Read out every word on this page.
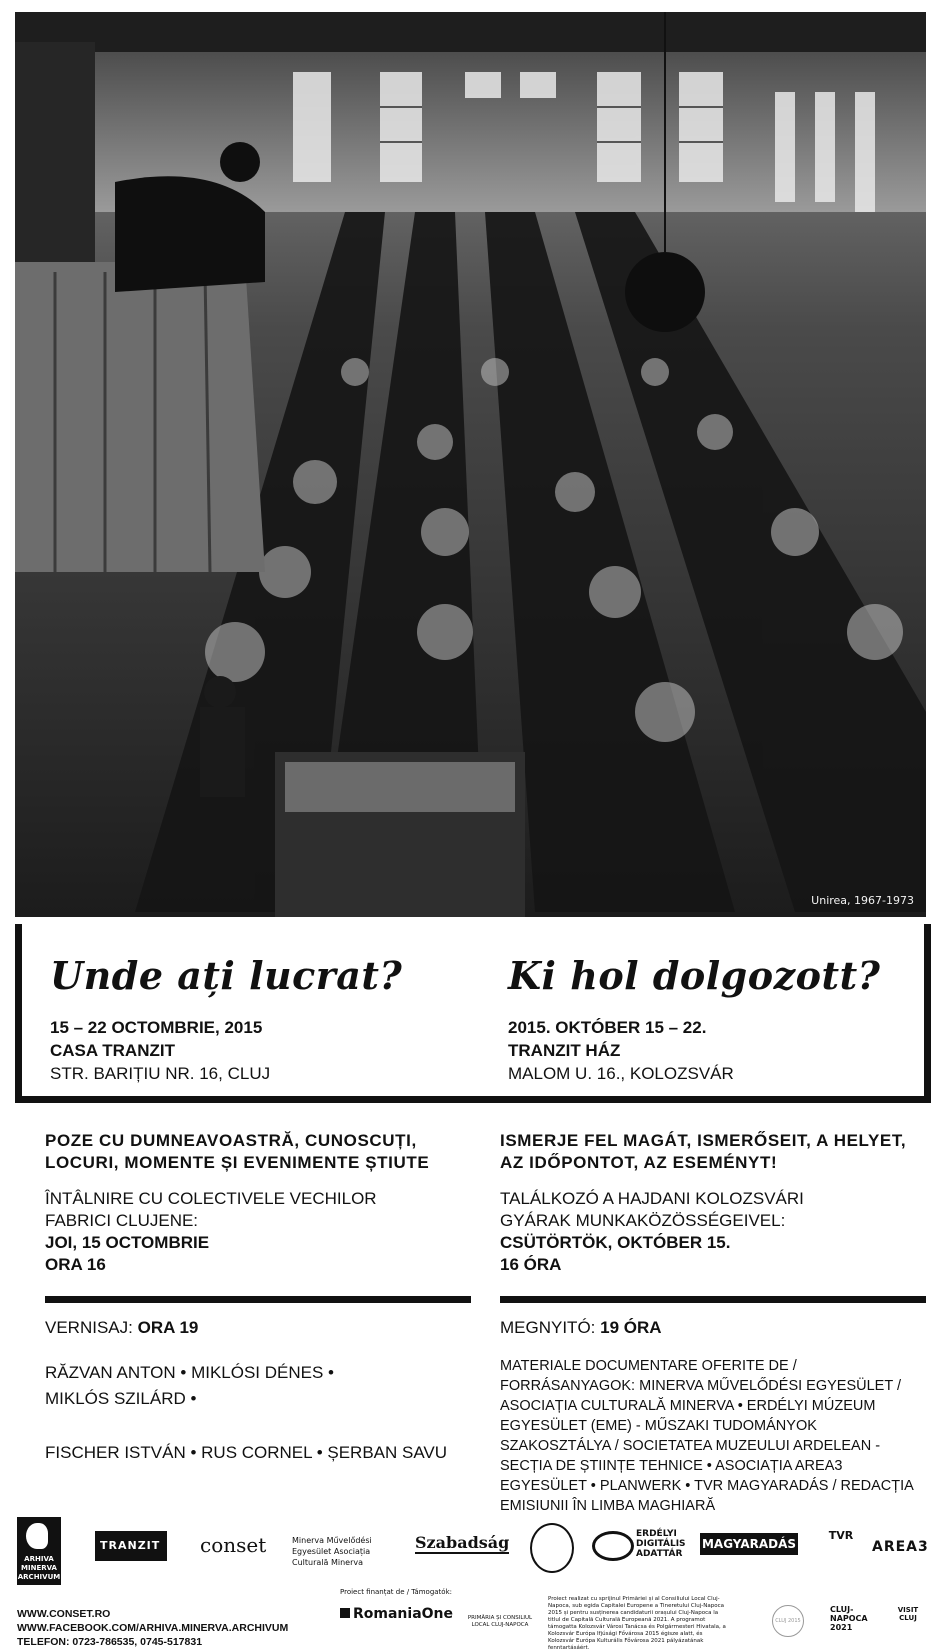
Unirea, 1967-1973
Unde ați lucrat?
15 – 22 OCTOMBRIE, 2015
CASA TRANZIT
STR. BARIȚIU NR. 16, CLUJ
Ki hol dolgozott?
2015. OKTÓBER 15 – 22.
TRANZIT HÁZ
MALOM U. 16., KOLOZSVÁR
POZE CU DUMNEAVOASTRĂ, CUNOSCUȚI, LOCURI, MOMENTE ȘI EVENIMENTE ȘTIUTE
ÎNTÂLNIRE CU COLECTIVELE VECHILOR
FABRICI CLUJENE:
JOI, 15 OCTOMBRIE
ORA 16
ISMERJE FEL MAGÁT, ISMERŐSEIT, A HELYET, AZ IDŐPONTOT, AZ ESEMÉNYT!
TALÁLKOZÓ A HAJDANI KOLOZSVÁRI
GYÁRAK MUNKAKÖZÖSSÉGEIVEL:
CSÜTÖRTÖK, OKTÓBER 15.
16 ÓRA
VERNISAJ: ORA 19	MEGNYITÓ: 19 ÓRA
RĂZVAN ANTON • MIKLÓSI DÉNES •
MIKLÓS SZILÁRD •
FISCHER ISTVÁN • RUS CORNEL • ȘERBAN SAVU
MATERIALE DOCUMENTARE OFERITE DE / FORRÁSANYAGOK: MINERVA MŰVELŐDÉSI EGYESÜLET / ASOCIAȚIA CULTURALĂ MINERVA • ERDÉLYI MÚZEUM EGYESÜLET (EME) - MŰSZAKI TUDOMÁNYOK SZAKOSZTÁLYA / SOCIETATEA MUZEULUI ARDELEAN - SECȚIA DE ȘTIINȚE TEHNICE • ASOCIAȚIA AREA3 EGYESÜLET • PLANWERK • TVR MAGYARADÁS / REDACȚIA EMISIUNII ÎN LIMBA MAGHIARĂ
ARHIVA MINERVA ARCHIVUM
TRANZIT conset	Minerva Művelődési Egyesület Asociația Culturală Minerva
Szabadság	ERDÉLYI DIGITÁLIS ADATTÁR
MAGYARADÁS
TVR
AREA3
WWW.CONSET.RO
WWW.FACEBOOK.COM/ARHIVA.MINERVA.ARCHIVUM
TELEFON: 0723-786535, 0745-517831
Proiect finanțat de / Támogatók:
RomaniaOne	PRIMĂRIA ȘI CONSILIUL LOCAL CLUJ-NAPOCA
Proiect realizat cu sprijinul Primăriei și al Consiliului Local Cluj-Napoca, sub egida Capitalei Europene a Tineretului Cluj-Napoca 2015 și pentru susținerea candidaturii orașului Cluj-Napoca la titlul de Capitală Culturală Europeană 2021. A programot támogatta Kolozsvár Városi Tanácsa és Polgármesteri Hivatala, a Kolozsvár Európa Ifjúsági Fővárosa 2015 égisze alatt, és Kolozsvár Európa Kulturális Fővárosa 2021 pályázatának fenntartásáért.
CLUJ 2015
CLUJ-NAPOCA 2021
VISIT CLUJ
